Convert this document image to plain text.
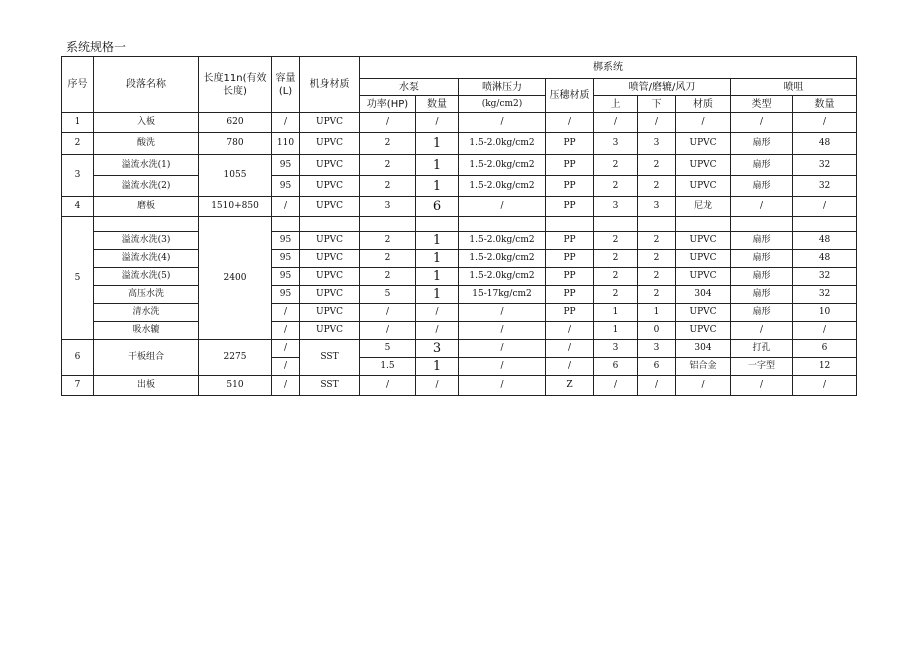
系统规格一
序号	段落名称	长度11n(有效长度)	容量(L)	机身材质	梆系统								
					水泵		喷淋压力	压穗材质	喷管/磨辘/风刀			喷咀	
					功率(HP)	数量	(kg/cm2)		上	下	材质	类型	数量
1	入板	620	/	UPVC	/	/	/	/	/	/	/	/	/
2	酸洗	780	110	UPVC	2	1	1.5-2.0kg/cm2	PP	3	3	UPVC	扇形	48
3	溢流水洗(1)	1055	95	UPVC	2	1	1.5-2.0kg/cm2	PP	2	2	UPVC	扇形	32
	溢流水洗(2)		95	UPVC	2	1	1.5-2.0kg/cm2	PP	2	2	UPVC	扇形	32
4	磨板	1510+850	/	UPVC	3	6	/	PP	3	3	尼龙	/	/
5		2400											
	溢流水洗(3)		95	UPVC	2	1	1.5-2.0kg/cm2	PP	2	2	UPVC	扇形	48
	溢流水洗(4)		95	UPVC	2	1	1.5-2.0kg/cm2	PP	2	2	UPVC	扇形	48
	溢流水洗(5)		95	UPVC	2	1	1.5-2.0kg/cm2	PP	2	2	UPVC	扇形	32
	高压水洗		95	UPVC	5	1	15-17kg/cm2	PP	2	2	304	扇形	32
	清水洗		/	UPVC	/	/	/	PP	1	1	UPVC	扇形	10
	吸水辘		/	UPVC	/	/	/	/	1	0	UPVC	/	/
6	干板组合	2275	/	SST	5	3	/	/	3	3	304	打孔	6
			/		1.5	1	/	/	6	6	铝合金	一字型	12
7	出板	510	/	SST	/	/	/	Z	/	/	/	/	/
